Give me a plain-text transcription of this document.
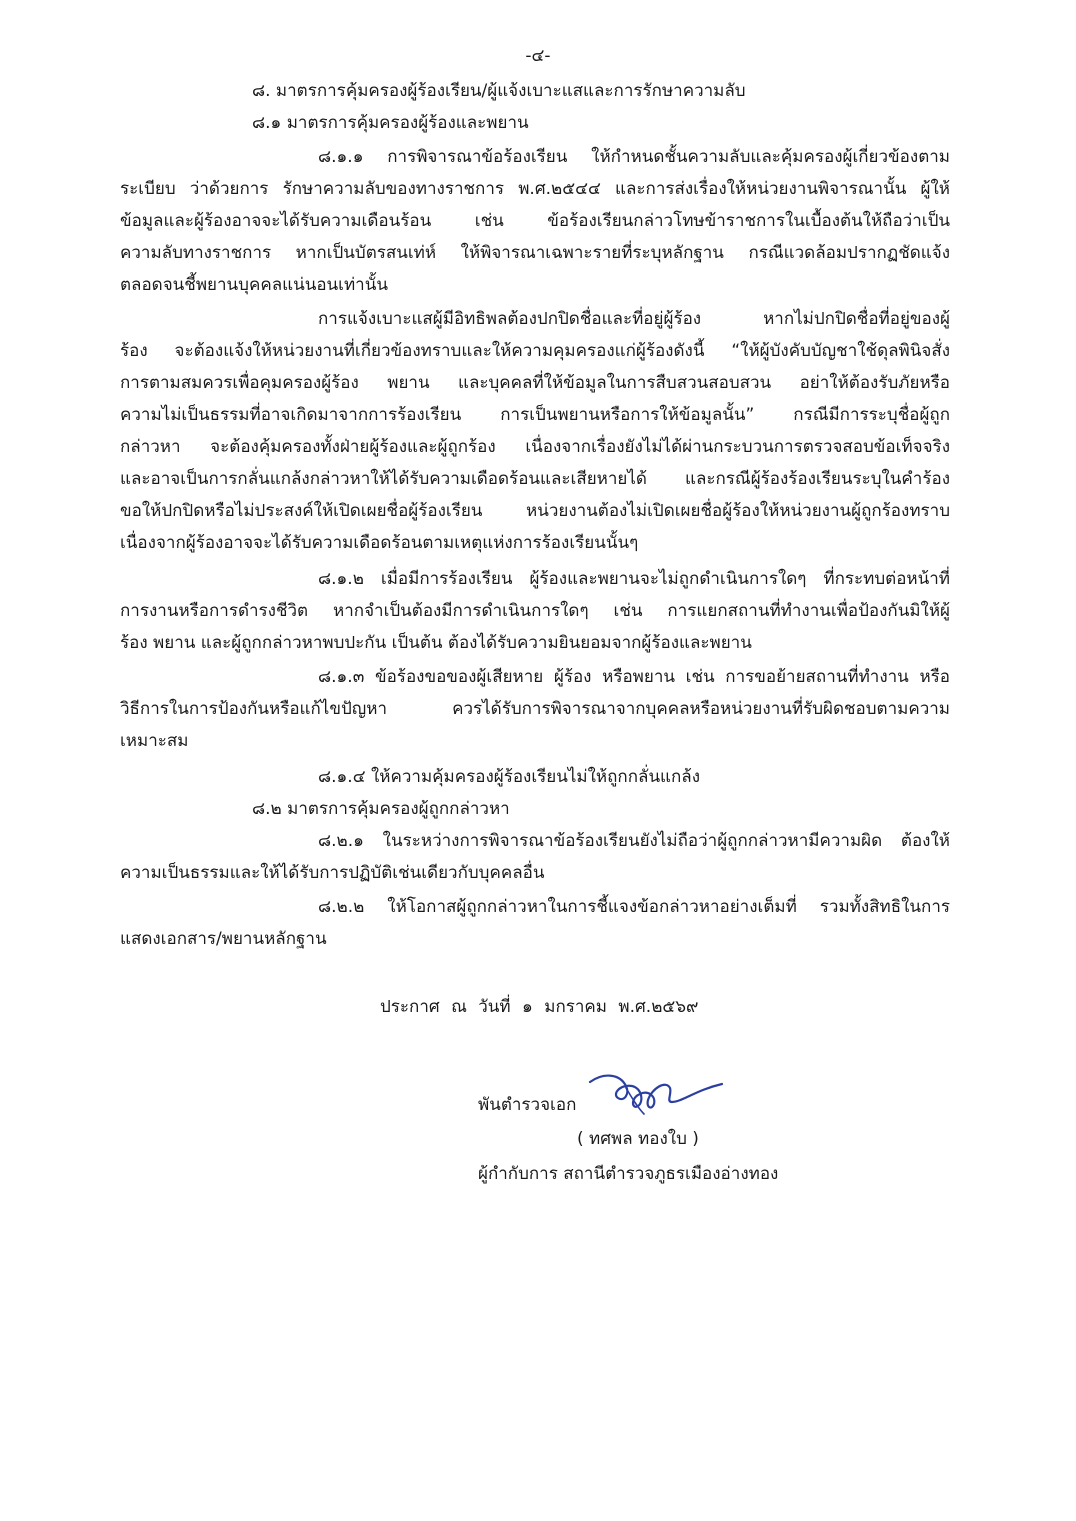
-๔-
๘. มาตรการคุ้มครองผู้ร้องเรียน/ผู้แจ้งเบาะแสและการรักษาความลับ
๘.๑ มาตรการคุ้มครองผู้ร้องและพยาน
๘.๑.๑ การพิจารณาข้อร้องเรียน ให้กำหนดชั้นความลับและคุ้มครองผู้เกี่ยวข้องตาม
ระเบียบ ว่าด้วยการ รักษาความลับของทางราชการ พ.ศ.๒๕๔๔ และการส่งเรื่องให้หน่วยงานพิจารณานั้น ผู้ให้
ข้อมูลและผู้ร้องอาจจะได้รับความเดือนร้อน เช่น ข้อร้องเรียนกล่าวโทษข้าราชการในเบื้องต้นให้ถือว่าเป็น
ความลับทางราชการ หากเป็นบัตรสนเท่ห์ ให้พิจารณาเฉพาะรายที่ระบุหลักฐาน กรณีแวดล้อมปรากฏชัดแจ้ง
ตลอดจนชี้พยานบุคคลแน่นอนเท่านั้น
การแจ้งเบาะแสผู้มีอิทธิพลต้องปกปิดชื่อและที่อยู่ผู้ร้อง หากไม่ปกปิดชื่อที่อยู่ของผู้
ร้อง จะต้องแจ้งให้หน่วยงานที่เกี่ยวข้องทราบและให้ความคุมครองแก่ผู้ร้องดังนี้ “ให้ผู้บังคับบัญชาใช้ดุลพินิจสั่ง
การตามสมควรเพื่อคุมครองผู้ร้อง พยาน และบุคคลที่ให้ข้อมูลในการสืบสวนสอบสวน อย่าให้ต้องรับภัยหรือ
ความไม่เป็นธรรมที่อาจเกิดมาจากการร้องเรียน การเป็นพยานหรือการให้ข้อมูลนั้น” กรณีมีการระบุชื่อผู้ถูก
กล่าวหา จะต้องคุ้มครองทั้งฝ่ายผู้ร้องและผู้ถูกร้อง เนื่องจากเรื่องยังไม่ได้ผ่านกระบวนการตรวจสอบข้อเท็จจริง
และอาจเป็นการกลั่นแกล้งกล่าวหาให้ได้รับความเดือดร้อนและเสียหายได้ และกรณีผู้ร้องร้องเรียนระบุในคำร้อง
ขอให้ปกปิดหรือไม่ประสงค์ให้เปิดเผยชื่อผู้ร้องเรียน หน่วยงานต้องไม่เปิดเผยชื่อผู้ร้องให้หน่วยงานผู้ถูกร้องทราบ
เนื่องจากผู้ร้องอาจจะได้รับความเดือดร้อนตามเหตุแห่งการร้องเรียนนั้นๆ
๘.๑.๒ เมื่อมีการร้องเรียน ผู้ร้องและพยานจะไม่ถูกดำเนินการใดๆ ที่กระทบต่อหน้าที่
การงานหรือการดำรงชีวิต หากจำเป็นต้องมีการดำเนินการใดๆ เช่น การแยกสถานที่ทำงานเพื่อป้องกันมิให้ผู้
ร้อง พยาน และผู้ถูกกล่าวหาพบปะกัน เป็นต้น ต้องได้รับความยินยอมจากผู้ร้องและพยาน
๘.๑.๓ ข้อร้องขอของผู้เสียหาย ผู้ร้อง หรือพยาน เช่น การขอย้ายสถานที่ทำงาน หรือ
วิธีการในการป้องกันหรือแก้ไขปัญหา ควรได้รับการพิจารณาจากบุคคลหรือหน่วยงานที่รับผิดชอบตามความ
เหมาะสม
๘.๑.๔ ให้ความคุ้มครองผู้ร้องเรียนไม่ให้ถูกกลั่นแกล้ง
๘.๒ มาตรการคุ้มครองผู้ถูกกล่าวหา
๘.๒.๑ ในระหว่างการพิจารณาข้อร้องเรียนยังไม่ถือว่าผู้ถูกกล่าวหามีความผิด ต้องให้
ความเป็นธรรมและให้ได้รับการปฏิบัติเช่นเดียวกับบุคคลอื่น
๘.๒.๒ ให้โอกาสผู้ถูกกล่าวหาในการชี้แจงข้อกล่าวหาอย่างเต็มที่ รวมทั้งสิทธิในการ
แสดงเอกสาร/พยานหลักฐาน
ประกาศ ณ วันที่ ๑ มกราคม พ.ศ.๒๕๖๙
พันตำรวจเอก
( ทศพล ทองใบ )
ผู้กำกับการ สถานีตำรวจภูธรเมืองอ่างทอง
